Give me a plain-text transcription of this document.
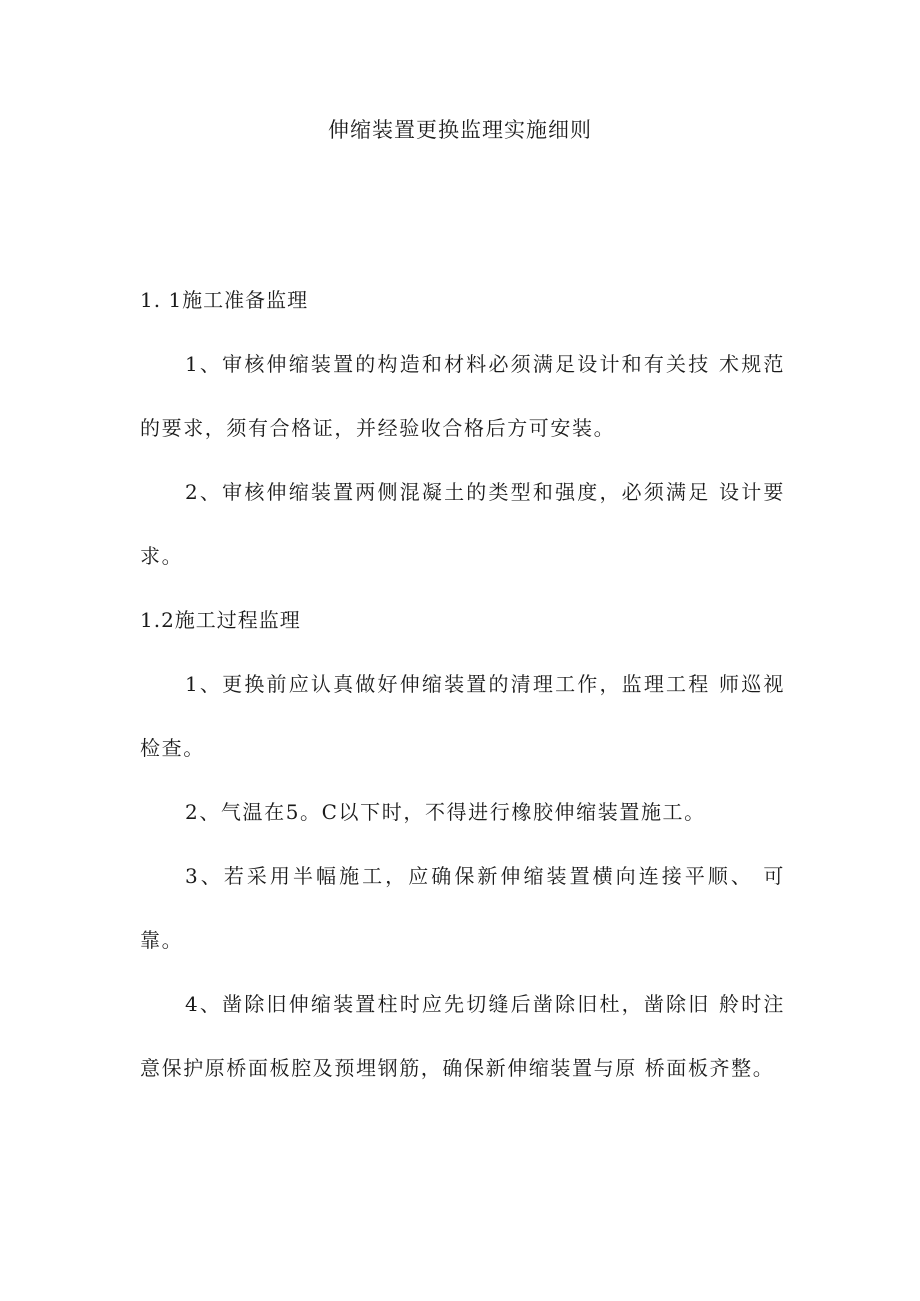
伸缩装置更换监理实施细则

1. 1施工准备监理

1、审核伸缩装置的构造和材料必须满足设计和有关技 术规范的要求，须有合格证，并经验收合格后方可安装。

2、审核伸缩装置两侧混凝土的类型和强度，必须满足 设计要求。

1.2施工过程监理

1、更换前应认真做好伸缩装置的清理工作，监理工程 师巡视检查。

2、气温在5。C以下时，不得进行橡胶伸缩装置施工。

3、若采用半幅施工，应确保新伸缩装置横向连接平顺、 可靠。

4、凿除旧伸缩装置柱时应先切缝后凿除旧杜，凿除旧 舲时注意保护原桥面板腔及预埋钢筋，确保新伸缩装置与原 桥面板齐整。
